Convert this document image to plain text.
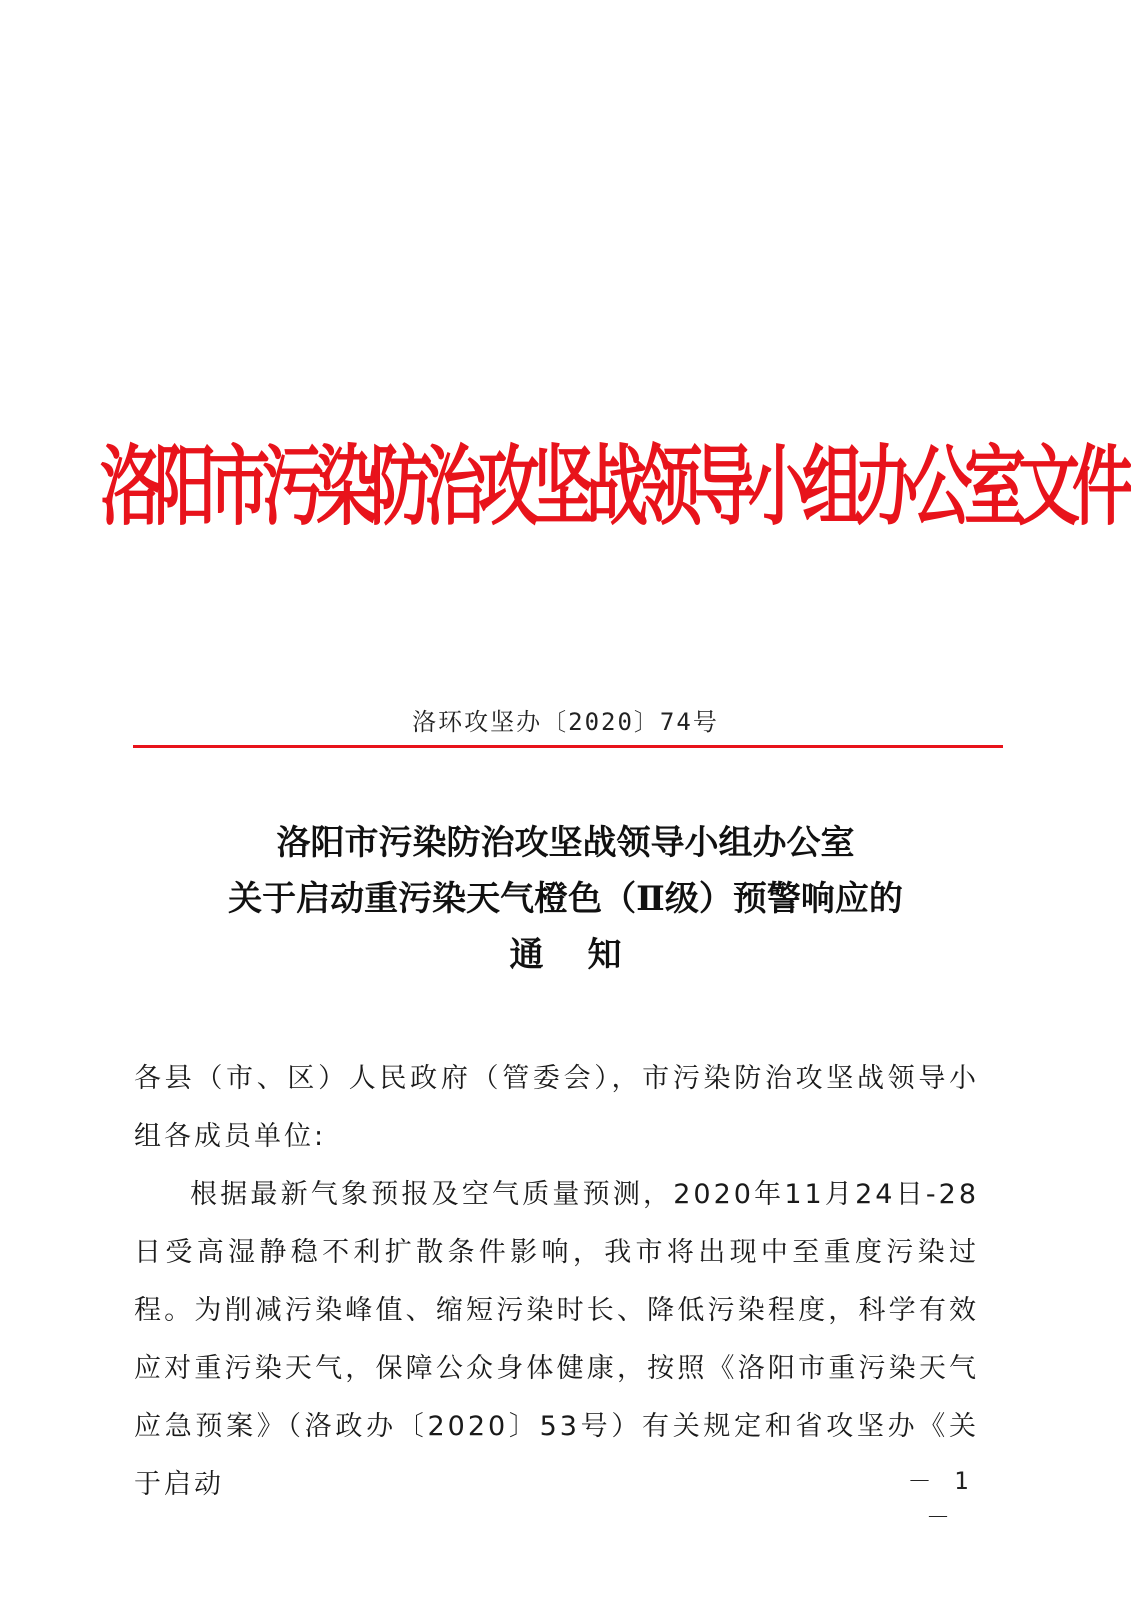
洛阳市污染防治攻坚战领导小组办公室文件
洛环攻坚办〔2020〕74号
洛阳市污染防治攻坚战领导小组办公室
关于启动重污染天气橙色（Ⅱ级）预警响应的
通知

各县（市、区）人民政府（管委会），市污染防治攻坚战领导小组各成员单位:

根据最新气象预报及空气质量预测，2020年11月24日-28日受高湿静稳不利扩散条件影响，我市将出现中至重度污染过程。为削减污染峰值、缩短污染时长、降低污染程度，科学有效应对重污染天气，保障公众身体健康，按照《洛阳市重污染天气应急预案》（洛政办〔2020〕53号）有关规定和省攻坚办《关于启动	－ 1 －
